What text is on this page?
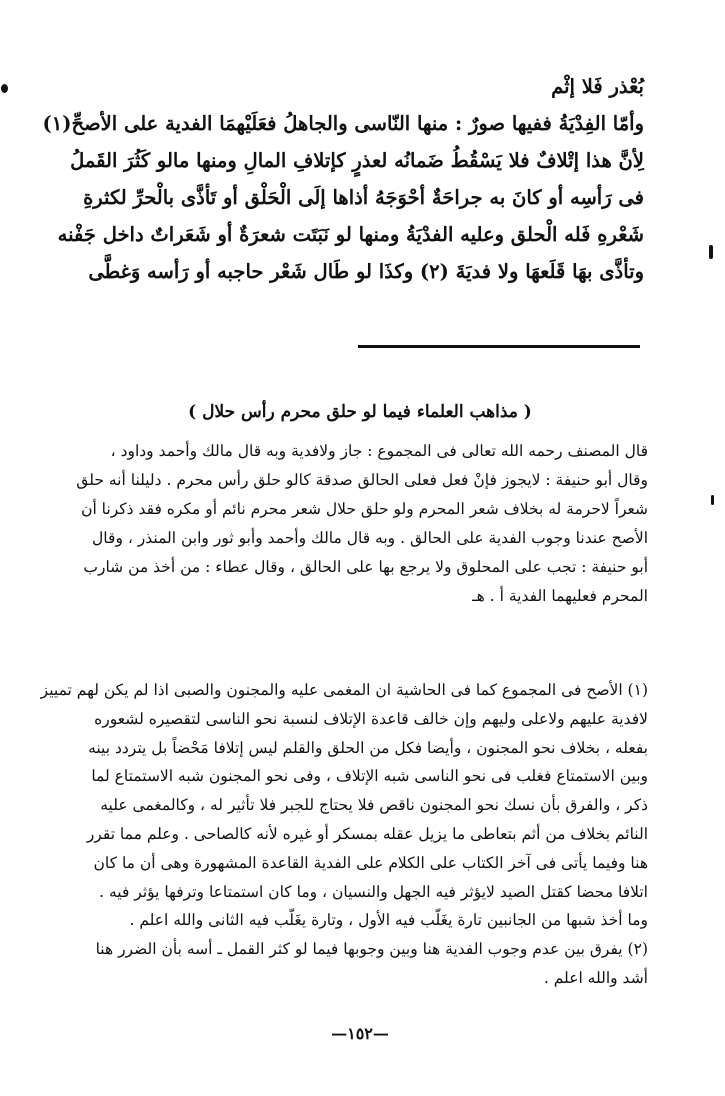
بُعْذر فَلا إثْم

وأمّا الفِدْيَةُ ففيها صورٌ : منها النّاسى والجاهلُ فعَلَيْهمَا الفدية على الأصحِّ(١)

لِأنَّ هذا إتْلافٌ فلا يَسْقُطُ ضَمانُه لعذرٍ كإتلافِ المالِ ومنها مالو كَثُرَ القَملُ

فى رَأسِه أو كانَ به جراحَةٌ أحْوَجَهُ أذاها إلَى الْحَلْق أو تَأذَّى بالْحرِّ لكثرةِ

شَعْرهِ فَله الْحلق وعليه الفدْيَةُ ومنها لو نَبَتَت شعرَةٌ أو شَعَراتٌ داخل جَفْنه

وتأذَّى بهَا قَلَعهَا ولا فديَةَ (٢) وكذَا لو طَال شَعْر حاجبه أو رَأسه وَغطَّى

( مذاهب العلماء فيما لو حلق محرم رأس حلال )

قال المصنف رحمه الله تعالى فى المجموع : جاز ولافدية وبه قال مالك وأحمد وداود ،

وقال أبو حنيفة : لايجوز فإنْ فعل فعلى الحالق صدقة كالو حلق رأس محرم . دليلنا أنه حلق

شعراً لاحرمة له بخلاف شعر المحرم ولو حلق حلال شعر محرم نائم أو مكره فقد ذكرنا أن

الأصح عندنا وجوب الفدية على الحالق . وبه قال مالك وأحمد وأبو ثور وابن المنذر ، وقال

أبو حنيفة : تجب على المحلوق ولا يرجع بها على الحالق ، وقال عطاء : من أخذ من شارب

المحرم فعليهما الفدية أ . هـ

(١) الأصح فى المجموع كما فى الحاشية ان المغمى عليه والمجنون والصبى اذا لم يكن لهم تمييز

لافدية عليهم ولاعلى وليهم وإن خالف قاعدة الإتلاف لنسبة نحو الناسى لتقصيره لشعوره

بفعله ، بخلاف نحو المجنون ، وأيضا فكل من الحلق والقلم ليس إتلافا مَحْضاً بل يتردد بينه

وبين الاستمتاع فغلب فى نحو الناسى شبه الإتلاف ، وفى نحو المجنون شبه الاستمتاع لما

ذكر ، والفرق بأن نسك نحو المجنون ناقص فلا يحتاج للجبر فلا تأثير له ، وكالمغمى عليه

النائم بخلاف من أثم بتعاطى ما يزيل عقله بمسكر أو غيره لأنه كالصاحى . وعلم مما تقرر

هنا وفيما يأتى فى آخر الكتاب على الكلام على الفدية القاعدة المشهورة وهى أن ما كان

اتلافا محضا كقتل الصيد لايؤثر فيه الجهل والنسيان ، وما كان استمتاعا وترفها يؤثر فيه .

وما أخذ شبها من الجانبين تارة يغَلّب فيه الأول ، وتارة يغَلّب فيه الثانى والله اعلم .

(٢) يفرق بين عدم وجوب الفدية هنا وبين وجوبها فيما لو كثر القمل ـ أسه بأن الضرر هنا

أشد والله اعلم .

—١٥٢—
